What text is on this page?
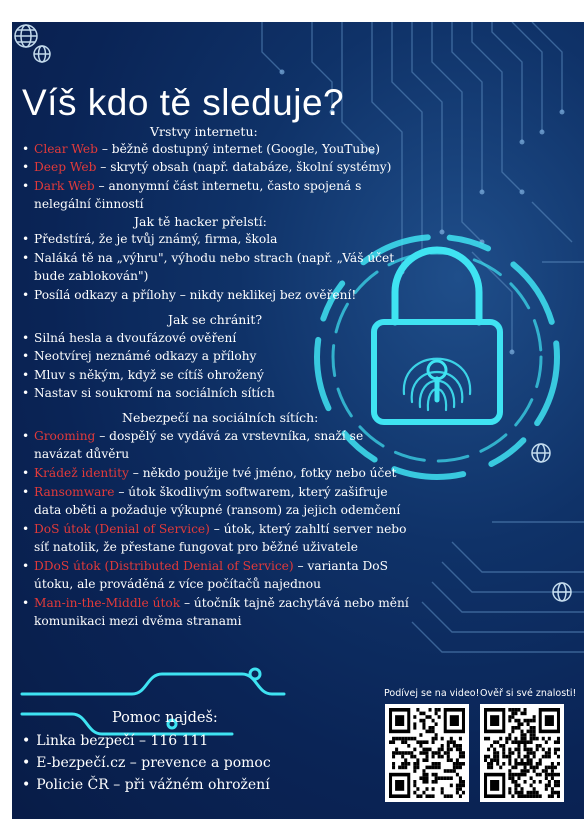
Víš kdo tě sleduje?
Vrstvy internetu:
• Clear Web – běžně dostupný internet (Google, YouTube)
• Deep Web – skrytý obsah (např. databáze, školní systémy)
• Dark Web – anonymní část internetu, často spojená s nelegální činností
Jak tě hacker přelstí:
• Předstírá, že je tvůj známý, firma, škola
• Naláká tě na „výhru", výhodu nebo strach (např. „Váš účet bude zablokován")
• Posílá odkazy a přílohy – nikdy neklikej bez ověření!
Jak se chránit?
• Silná hesla a dvoufázové ověření
• Neotvírej neznámé odkazy a přílohy
• Mluv s někým, když se cítíš ohrožený
• Nastav si soukromí na sociálních sítích
Nebezpečí na sociálních sítích:
• Grooming – dospělý se vydává za vrstevníka, snaží se navázat důvěru
• Krádež identity – někdo použije tvé jméno, fotky nebo účet
• Ransomware – útok škodlivým softwarem, který zašifruje data oběti a požaduje výkupné (ransom) za jejich odemčení
• DoS útok (Denial of Service) – útok, který zahltí server nebo síť natolik, že přestane fungovat pro běžné uživatele
• DDoS útok (Distributed Denial of Service) – varianta DoS útoku, ale prováděná z více počítačů najednou
• Man-in-the-Middle útok – útočník tajně zachytává nebo mění komunikaci mezi dvěma stranami
Pomoc najdeš:
• Linka bezpečí – 116 111
• E-bezpečí.cz – prevence a pomoc
• Policie ČR – při vážném ohrožení
Podívej se na video! Ověř si své znalosti!
